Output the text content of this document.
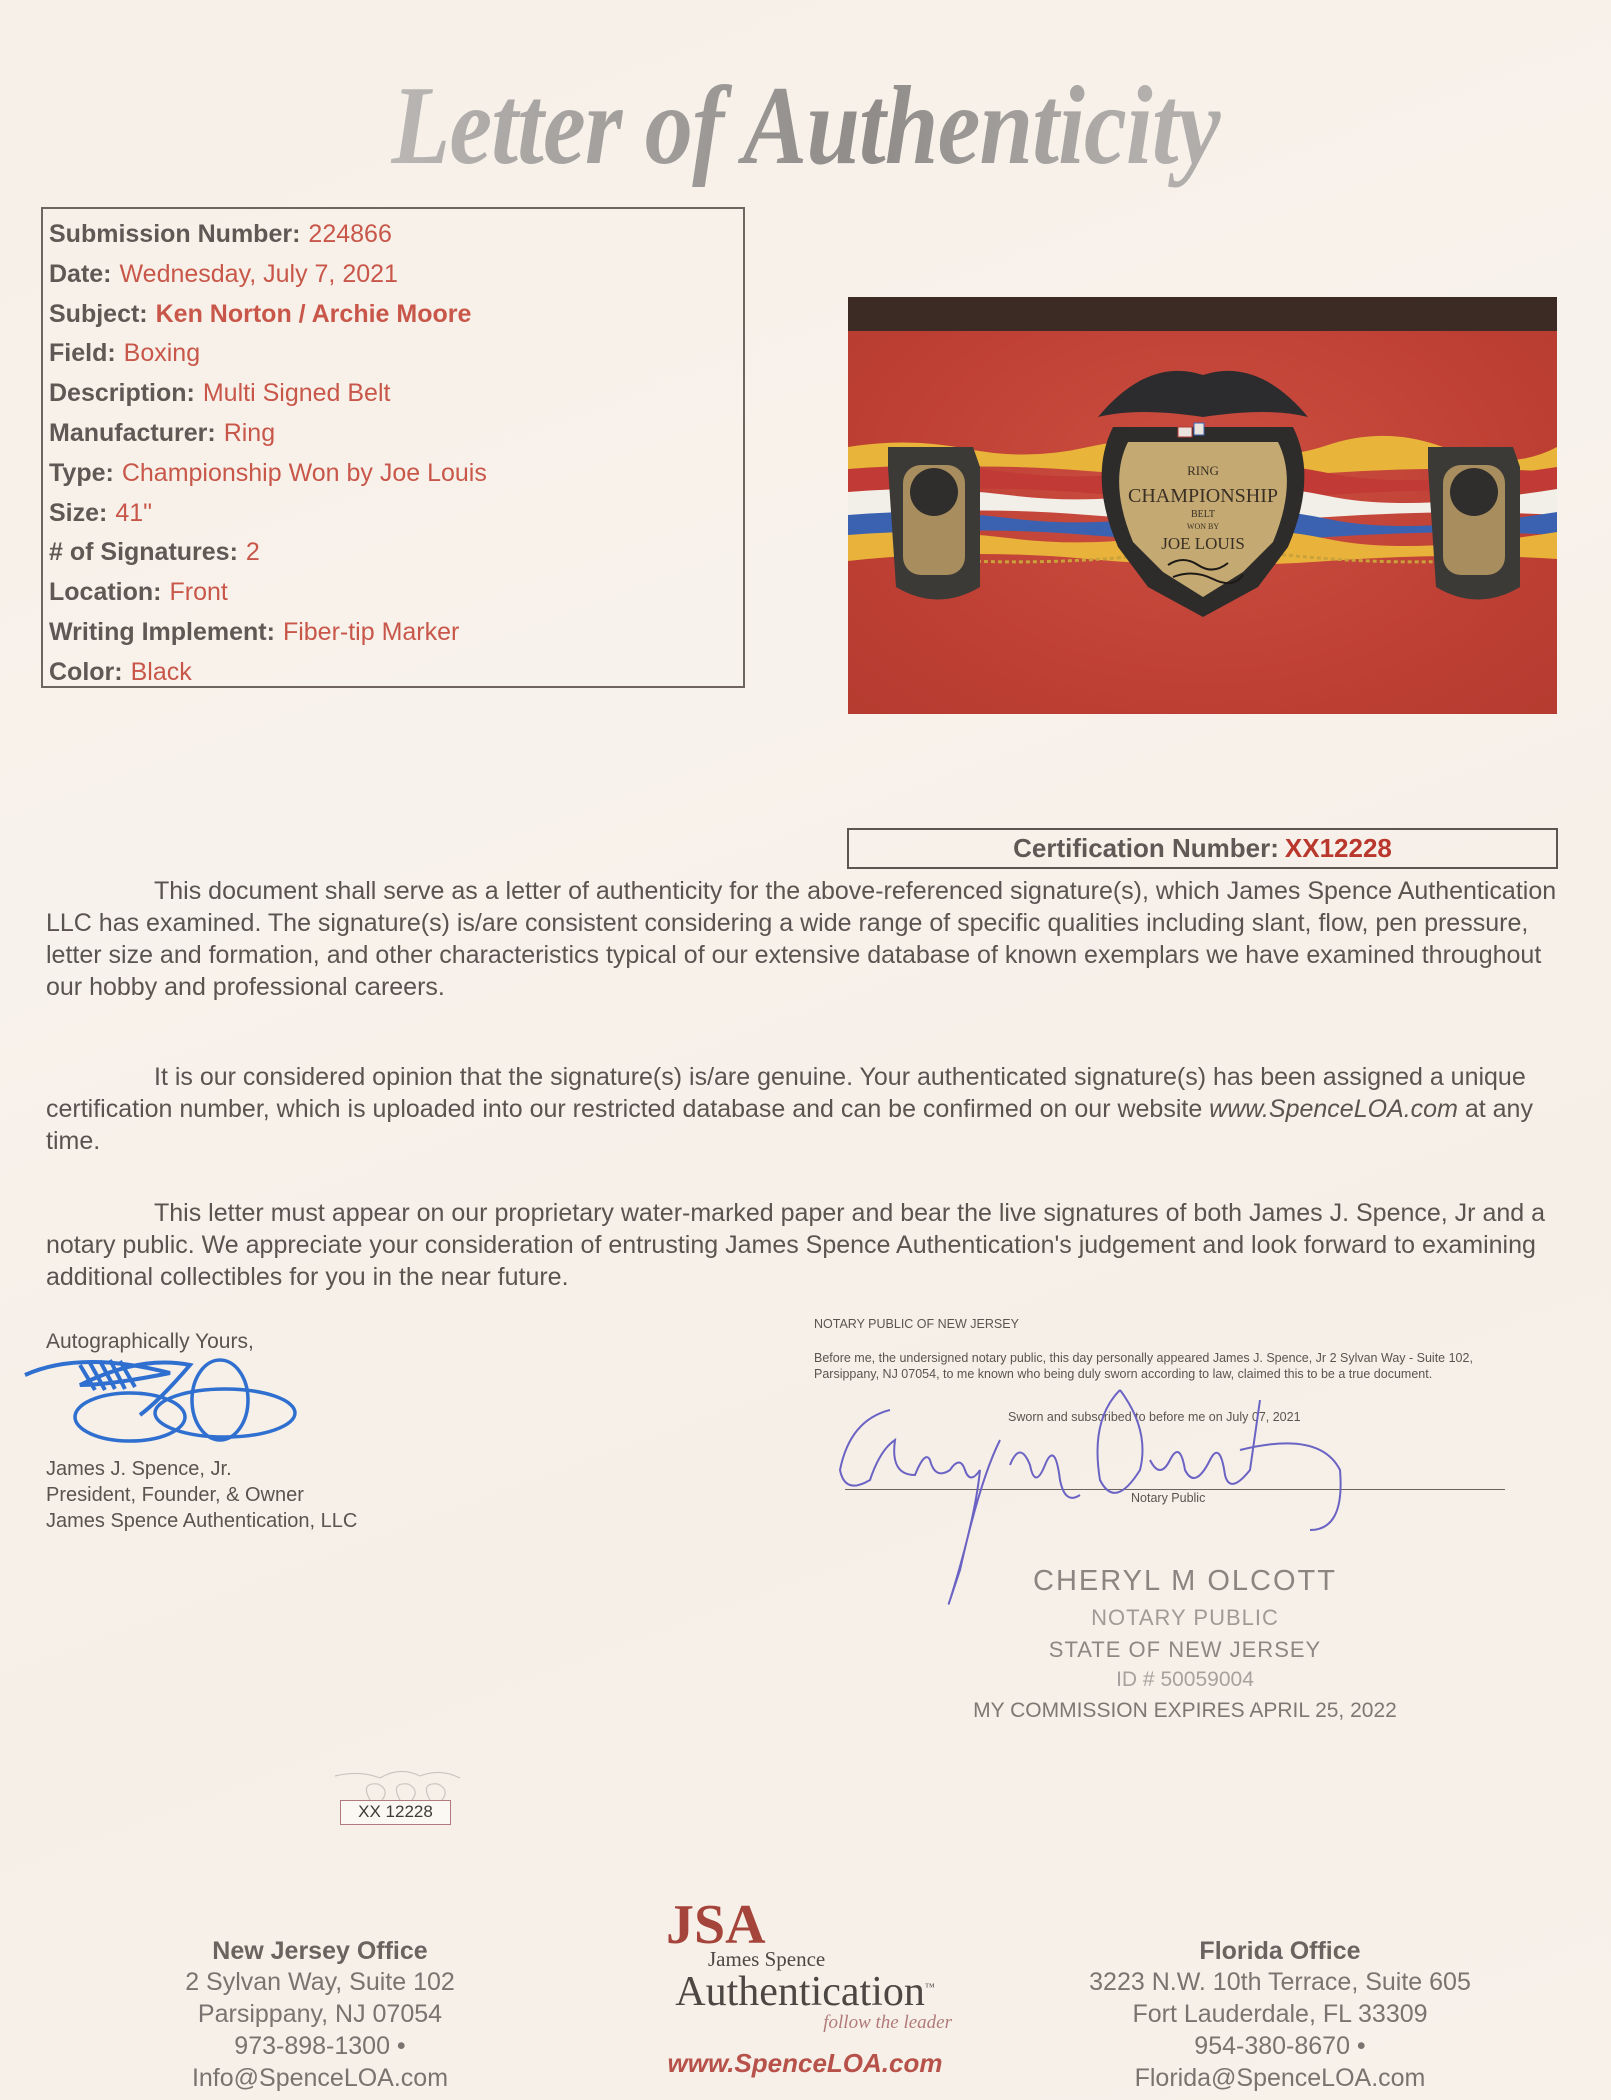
Letter of Authenticity
Submission Number: 224866
Date: Wednesday, July 7, 2021
Subject: Ken Norton / Archie Moore
Field: Boxing
Description: Multi Signed Belt
Manufacturer: Ring
Type: Championship Won by Joe Louis
Size: 41"
# of Signatures: 2
Location: Front
Writing Implement: Fiber-tip Marker
Color: Black
RING
CHAMPIONSHIP
BELT
WON BY
JOE LOUIS
Certification Number: XX12228
This document shall serve as a letter of authenticity for the above-referenced signature(s), which James Spence Authentication LLC has examined. The signature(s) is/are consistent considering a wide range of specific qualities including slant, flow, pen pressure, letter size and formation, and other characteristics typical of our extensive database of known exemplars we have examined throughout our hobby and professional careers.
It is our considered opinion that the signature(s) is/are genuine. Your authenticated signature(s) has been assigned a unique certification number, which is uploaded into our restricted database and can be confirmed on our website www.SpenceLOA.com at any time.
This letter must appear on our proprietary water-marked paper and bear the live signatures of both James J. Spence, Jr and a notary public. We appreciate your consideration of entrusting James Spence Authentication's judgement and look forward to examining additional collectibles for you in the near future.
Autographically Yours,
James J. Spence, Jr.
President, Founder, & Owner
James Spence Authentication, LLC
NOTARY PUBLIC OF NEW JERSEY
Before me, the undersigned notary public, this day personally appeared James J. Spence, Jr 2 Sylvan Way - Suite 102, Parsippany, NJ 07054, to me known who being duly sworn according to law, claimed this to be a true document.
Sworn and subscribed to before me on July 07, 2021
Notary Public
CHERYL M OLCOTT
NOTARY PUBLIC
STATE OF NEW JERSEY
ID # 50059004
MY COMMISSION EXPIRES APRIL 25, 2022
XX 12228
New Jersey Office
2 Sylvan Way, Suite 102
Parsippany, NJ 07054
973-898-1300 • Info@SpenceLOA.com
JSA
James Spence
Authentication™
follow the leader
www.SpenceLOA.com
Florida Office
3223 N.W. 10th Terrace, Suite 605
Fort Lauderdale, FL 33309
954-380-8670 • Florida@SpenceLOA.com
